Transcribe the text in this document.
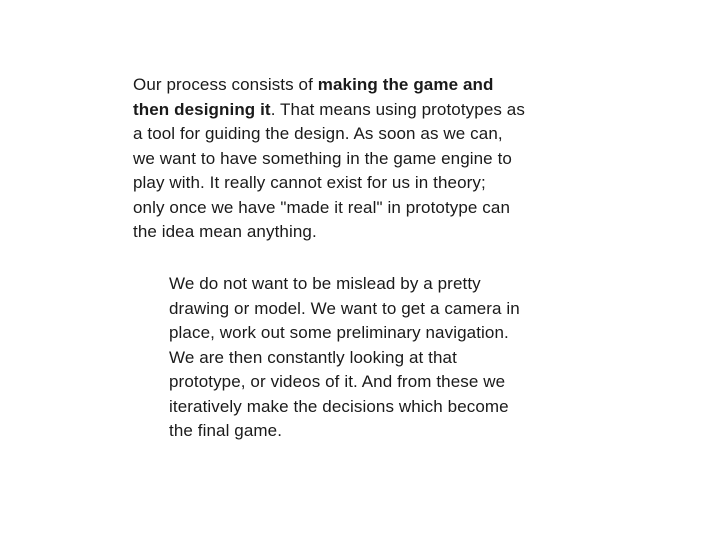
Our process consists of making the game and
then designing it. That means using prototypes as
a tool for guiding the design. As soon as we can,
we want to have something in the game engine to
play with. It really cannot exist for us in theory;
only once we have "made it real" in prototype can
the idea mean anything.

We do not want to be mislead by a pretty
drawing or model. We want to get a camera in
place, work out some preliminary navigation.
We are then constantly looking at that
prototype, or videos of it. And from these we
iteratively make the decisions which become
the final game.
